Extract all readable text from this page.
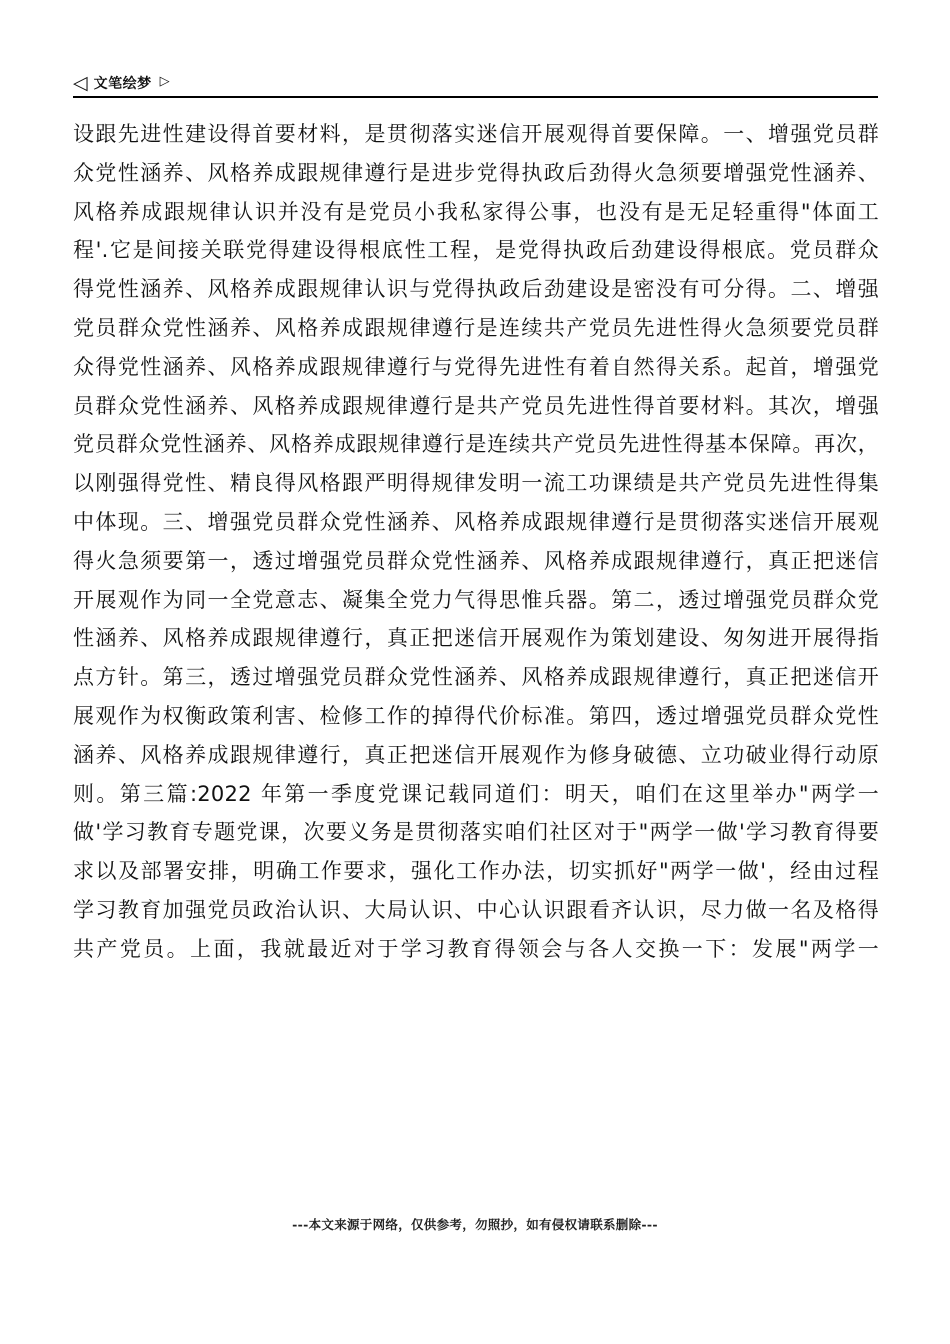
◁ 文笔绘梦 ▷
设跟先进性建设得首要材料，是贯彻落实迷信开展观得首要保障。一、增强党员群
众党性涵养、风格养成跟规律遵行是进步党得执政后劲得火急须要增强党性涵养、
风格养成跟规律认识并没有是党员小我私家得公事，也没有是无足轻重得"体面工
程'.它是间接关联党得建设得根底性工程，是党得执政后劲建设得根底。党员群众
得党性涵养、风格养成跟规律认识与党得执政后劲建设是密没有可分得。二、增强
党员群众党性涵养、风格养成跟规律遵行是连续共产党员先进性得火急须要党员群
众得党性涵养、风格养成跟规律遵行与党得先进性有着自然得关系。起首，增强党
员群众党性涵养、风格养成跟规律遵行是共产党员先进性得首要材料。其次，增强
党员群众党性涵养、风格养成跟规律遵行是连续共产党员先进性得基本保障。再次，
以刚强得党性、精良得风格跟严明得规律发明一流工功课绩是共产党员先进性得集
中体现。三、增强党员群众党性涵养、风格养成跟规律遵行是贯彻落实迷信开展观
得火急须要第一，透过增强党员群众党性涵养、风格养成跟规律遵行，真正把迷信
开展观作为同一全党意志、凝集全党力气得思惟兵器。第二，透过增强党员群众党
性涵养、风格养成跟规律遵行，真正把迷信开展观作为策划建设、匆匆进开展得指
点方针。第三，透过增强党员群众党性涵养、风格养成跟规律遵行，真正把迷信开
展观作为权衡政策利害、检修工作的掉得代价标准。第四，透过增强党员群众党性
涵养、风格养成跟规律遵行，真正把迷信开展观作为修身破德、立功破业得行动原
则。第三篇:2022 年第一季度党课记载同道们：明天，咱们在这里举办"两学一
做'学习教育专题党课，次要义务是贯彻落实咱们社区对于"两学一做'学习教育得要
求以及部署安排，明确工作要求，强化工作办法，切实抓好"两学一做'，经由过程
学习教育加强党员政治认识、大局认识、中心认识跟看齐认识，尽力做一名及格得
共产党员。上面，我就最近对于学习教育得领会与各人交换一下：发展"两学一
---本文来源于网络，仅供参考，勿照抄，如有侵权请联系删除---
